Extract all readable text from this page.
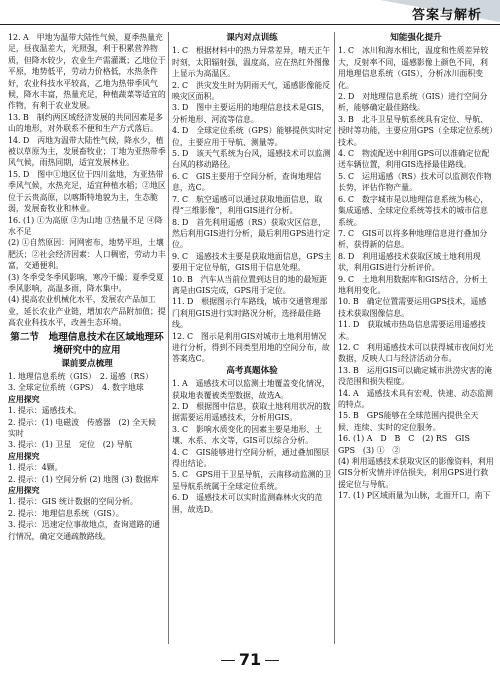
答案与解析

12. A　甲地为温带大陆性气候，夏季热量充足，昼夜温差大，光照强，利于积累营养物质，但降水较少，农业生产需灌溉；乙地位于平原，地势低平，劳动力价格低，水热条件好，农业科技水平较高，乙地为热带季风气候，降水丰富，热量充足，种植蔬菜等适宜的作物，有利于农业发展。

13. B　制约两区域经济发展的共同因素是多山的地形，对外联系不便和生产方式落后。

14. D　丙地为温带大陆性气候，降水少，植被以草原为主，发展畜牧业；丁地为亚热带季风气候，雨热同期，适宜发展林业。

15. D　图中①地区位于四川盆地，为亚热带季风气候，水热充足，适宜种植水稻；②地区位于云贵高原，以喀斯特地貌为主，生态脆弱，发展畜牧业和林业。

16. (1) ①为高原 ②为山地 ③热量不足 ④降水不足

(2) ①自然原因：河网密布，地势平坦，土壤肥沃；②社会经济因素：人口稠密，劳动力丰富，交通便利。

(3) 冬季受冬季风影响，寒冷干燥；夏季受夏季风影响，高温多雨，降水集中。

(4) 提高农业机械化水平，发展农产品加工业，延长农业产业链，增加农产品附加值；提高农业科技水平，改善生态环境。

第二节　地理信息技术在区域地理环境研究中的应用
课前要点梳理

1. 地理信息系统（GIS）　2. 遥感（RS）

3. 全球定位系统（GPS）　4. 数字地球

应用探究

1. 提示：遥感技术。

2. 提示：(1) 电磁波　传感器　(2) 全天候　实时

3. 提示：(1) 卫星　定位　(2) 导航

应用探究

1. 提示：4颗。

2. 提示：(1) 空间分析 (2) 地图 (3) 数据库

应用探究

1. 提示：GIS 统计数据的空间分析。

2. 提示：地理信息系统（GIS）。

3. 提示：迅速定位事故地点，查询道路的通行情况，确定交通疏散路线。

课内对点训练

1. C　根据材料中的热力异常差异，晴天正午时刻，太阳辐射强，温度高，应在热红外图像上显示为高温区。

2. C　洪灾发生时为阴雨天气，遥感影像能反映灾区面积。

3. D　图中主要运用的地理信息技术是GIS，分析地形、河流等信息。

4. D　全球定位系统（GPS）能够提供实时定位，主要应用于导航、测量等。

5. D　该天气系统为台风，遥感技术可以监测台风的移动路径。

6. C　GIS主要用于空间分析，查询地理信息，选C。

7. C　航空遥感可以通过获取地面信息，取得“三维影像”，利用GIS进行分析。

8. D　首先利用遥感（RS）获取灾区信息，然后利用GIS进行分析，最后利用GPS进行定位。

9. C　遥感技术主要是获取地面信息，GPS主要用于定位导航，GIS用于信息处理。

10. B　汽车从当前位置到达目的地的最短距离是由GIS完成，GPS用于定位。

11. D　根据图示行车路线，城市交通管理部门利用GIS进行实时路况分析，选择最佳路线。

12. C　图示是利用GIS对城市土地利用情况进行分析，得到不同类型用地的空间分布，故答案选C。

高考真题体验

1. A　遥感技术可以监测土地覆盖变化情况，获取地表覆被类型数据，故选A。

2. D　根据图中信息，获取土地利用状况的数据需要运用遥感技术，分析用GIS。

3. C　影响水质变化的因素主要是地形、土壤、水系、水文等，GIS可以综合分析。

4. C　GIS能够进行空间分析，通过叠加图层得出结论。

5. C　GPS用于卫星导航，云南移动监测的卫星导航系统属于全球定位系统。

6. D　遥感技术可以实时监测森林火灾的范围，故选D。

知能强化提升

1. C　冰川和海水相比，温度和性质差异较大，反射率不同，遥感影像上颜色不同，利用地理信息系统（GIS），分析冰川面积变化。

2. D　对地理信息系统（GIS）进行空间分析，能够确定最佳路线。

3. B　北斗卫星导航系统具有定位、导航、授时等功能，主要应用GPS（全球定位系统）技术。

4. C　物流配送中利用GPS可以准确定位配送车辆位置，利用GIS选择最佳路线。

5. C　运用遥感（RS）技术可以监测农作物长势，评估作物产量。

6. C　数字城市是以地理信息系统为核心，集成遥感、全球定位系统等技术的城市信息系统。

7. C　GIS可以将多种地理信息进行叠加分析，获得新的信息。

8. D　利用遥感技术获取区域土地利用现状，利用GIS进行分析评价。

9. C　土地利用数据库和GIS结合，分析土地利用变化。

10. B　确定位置需要运用GPS技术，遥感技术获取图像信息。

11. D　获取城市热岛信息需要运用遥感技术。

12. C　利用遥感技术可以获得城市夜间灯光数据，反映人口与经济活动分布。

13. B　运用GIS可以确定城市洪涝灾害的淹没范围和损失程度。

14. A　遥感技术具有宏观、快速、动态监测的特点。

15. B　GPS能够在全球范围内提供全天候、连续、实时的定位服务。

16. (1) A　D　B　C　(2) RS　GIS　GPS　(3) ①　②

(4) 利用遥感技术获取灾区的影像资料，利用GIS分析灾情并评估损失，利用GPS进行救援定位与导航。

17. (1) P区域雨量为山脉，北面开口，南下

71
